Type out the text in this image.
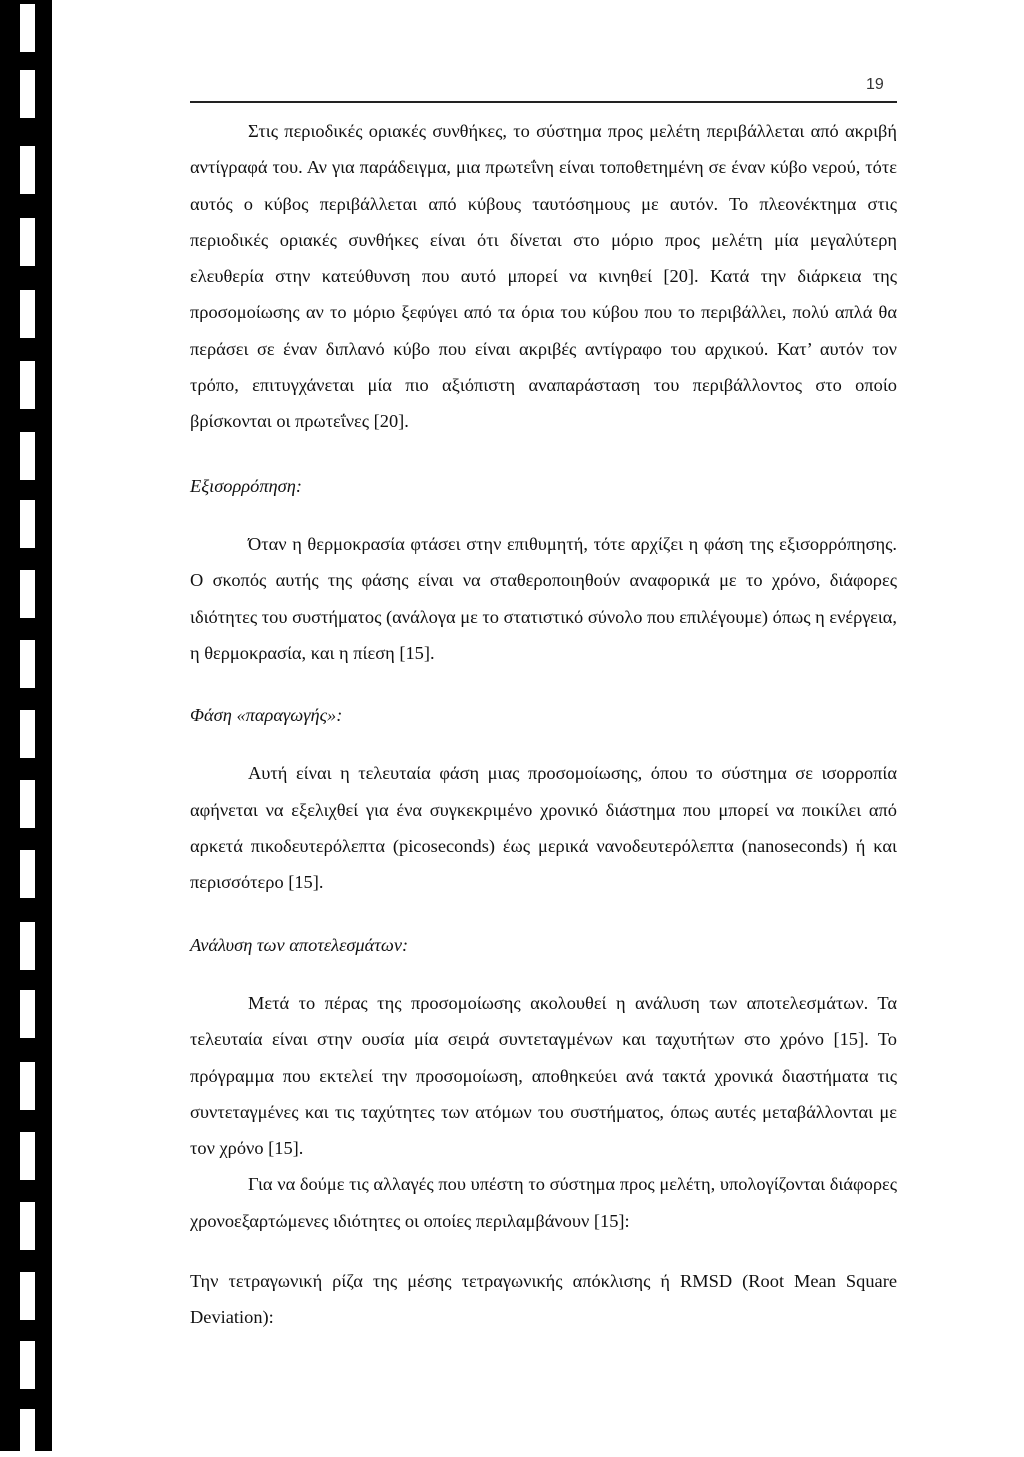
19

Στις περιοδικές οριακές συνθήκες, το σύστημα προς μελέτη περιβάλλεται από ακριβή αντίγραφά του. Αν για παράδειγμα, μια πρωτεΐνη είναι τοποθετημένη σε έναν κύβο νερού, τότε αυτός ο κύβος περιβάλλεται από κύβους ταυτόσημους με αυτόν. Το πλεονέκτημα στις περιοδικές οριακές συνθήκες είναι ότι δίνεται στο μόριο προς μελέτη μία μεγαλύτερη ελευθερία στην κατεύθυνση που αυτό μπορεί να κινηθεί [20]. Κατά την διάρκεια της προσομοίωσης αν το μόριο ξεφύγει από τα όρια του κύβου που το περιβάλλει, πολύ απλά θα περάσει σε έναν διπλανό κύβο που είναι ακριβές αντίγραφο του αρχικού. Κατ’ αυτόν τον τρόπο, επιτυγχάνεται μία πιο αξιόπιστη αναπαράσταση του περιβάλλοντος στο οποίο βρίσκονται οι πρωτεΐνες [20].

Εξισορρόπηση:

Όταν η θερμοκρασία φτάσει στην επιθυμητή, τότε αρχίζει η φάση της εξισορρόπησης. Ο σκοπός αυτής της φάσης είναι να σταθεροποιηθούν αναφορικά με το χρόνο, διάφορες ιδιότητες του συστήματος (ανάλογα με το στατιστικό σύνολο που επιλέγουμε) όπως η ενέργεια, η θερμοκρασία, και η πίεση [15].

Φάση «παραγωγής»:

Αυτή είναι η τελευταία φάση μιας προσομοίωσης, όπου το σύστημα σε ισορροπία αφήνεται να εξελιχθεί για ένα συγκεκριμένο χρονικό διάστημα που μπορεί να ποικίλει από αρκετά πικοδευτερόλεπτα (picoseconds) έως μερικά νανοδευτερόλεπτα (nanoseconds) ή και περισσότερο [15].

Ανάλυση των αποτελεσμάτων:

Μετά το πέρας της προσομοίωσης ακολουθεί η ανάλυση των αποτελεσμάτων. Τα τελευταία είναι στην ουσία μία σειρά συντεταγμένων και ταχυτήτων στο χρόνο [15]. Το πρόγραμμα που εκτελεί την προσομοίωση, αποθηκεύει ανά τακτά χρονικά διαστήματα τις συντεταγμένες και τις ταχύτητες των ατόμων του συστήματος, όπως αυτές μεταβάλλονται με τον χρόνο [15].

Για να δούμε τις αλλαγές που υπέστη το σύστημα προς μελέτη, υπολογίζονται διάφορες χρονοεξαρτώμενες ιδιότητες οι οποίες περιλαμβάνουν [15]:

Την τετραγωνική ρίζα της μέσης τετραγωνικής απόκλισης ή RMSD (Root Mean Square Deviation):
